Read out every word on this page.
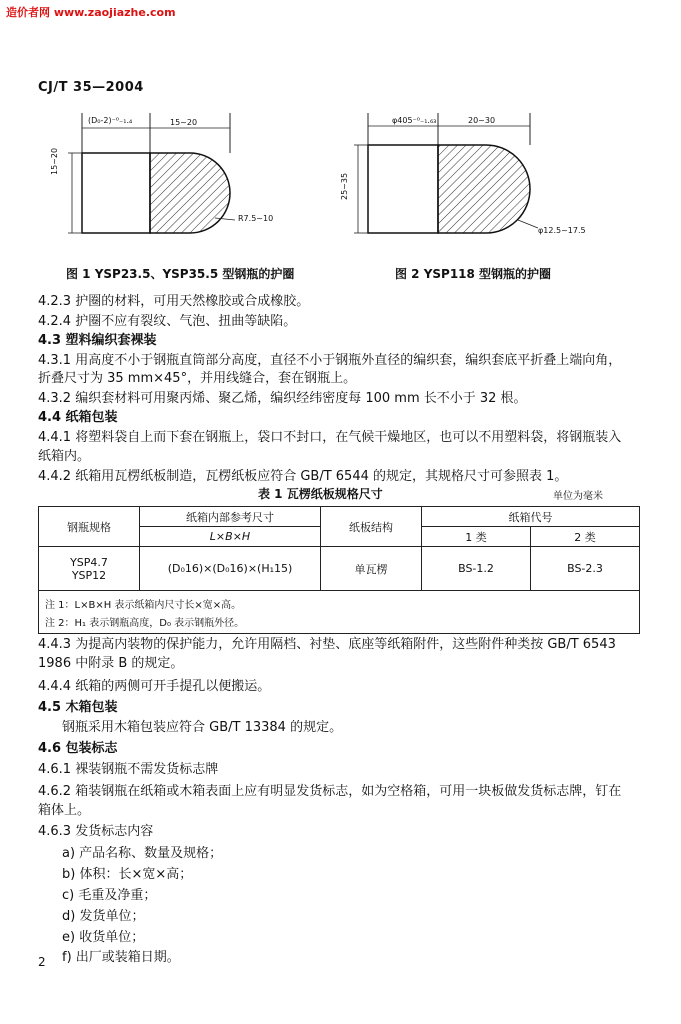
造价者网 www.zaojiazhe.com
CJ/T 35—2004
(D₀-2)⁻⁰₋₁.₄	15~20
15~20
R7.5~10
图 1 YSP23.5、YSP35.5 型钢瓶的护圈
φ405⁻⁰₋₁.₆₃	20~30
25~35
φ12.5~17.5
图 2 YSP118 型钢瓶的护圈
4.2.3 护圈的材料，可用天然橡胶或合成橡胶。
4.2.4 护圈不应有裂纹、气泡、扭曲等缺陷。
4.3 塑料编织套裸装
4.3.1 用高度不小于钢瓶直筒部分高度，直径不小于钢瓶外直径的编织套，编织套底平折叠上端向角，
折叠尺寸为 35 mm×45°，并用线缝合，套在钢瓶上。
4.3.2 编织套材料可用聚丙烯、聚乙烯，编织经纬密度每 100 mm 长不小于 32 根。
4.4 纸箱包装
4.4.1 将塑料袋自上而下套在钢瓶上，袋口不封口，在气候干燥地区，也可以不用塑料袋，将钢瓶装入
纸箱内。
4.4.2 纸箱用瓦楞纸板制造，瓦楞纸板应符合 GB/T 6544 的规定，其规格尺寸可参照表 1。
表 1 瓦楞纸板规格尺寸	单位为毫米
钢瓶规格	纸箱内部参考尺寸	纸板结构	纸箱代号	
	L×B×H		1 类	2 类

YSP4.7
YSP12	(D₀16)×(D₀16)×(H₁15)	单瓦楞	BS-1.2	BS-2.3

注 1：L×B×H 表示纸箱内尺寸长×宽×高。
注 2：H₁ 表示钢瓶高度，D₀ 表示钢瓶外径。				
4.4.3 为提高内装物的保护能力，允许用隔档、衬垫、底座等纸箱附件，这些附件种类按 GB/T 6543
1986 中附录 B 的规定。
4.4.4 纸箱的两侧可开手提孔以便搬运。
4.5 木箱包装
钢瓶采用木箱包装应符合 GB/T 13384 的规定。
4.6 包装标志
4.6.1 裸装钢瓶不需发货标志牌
4.6.2 箱装钢瓶在纸箱或木箱表面上应有明显发货标志，如为空格箱，可用一块板做发货标志牌，钉在
箱体上。
4.6.3 发货标志内容
a) 产品名称、数量及规格；
b) 体积：长×宽×高；
c) 毛重及净重；
d) 发货单位；
e) 收货单位；
f) 出厂或装箱日期。
2
